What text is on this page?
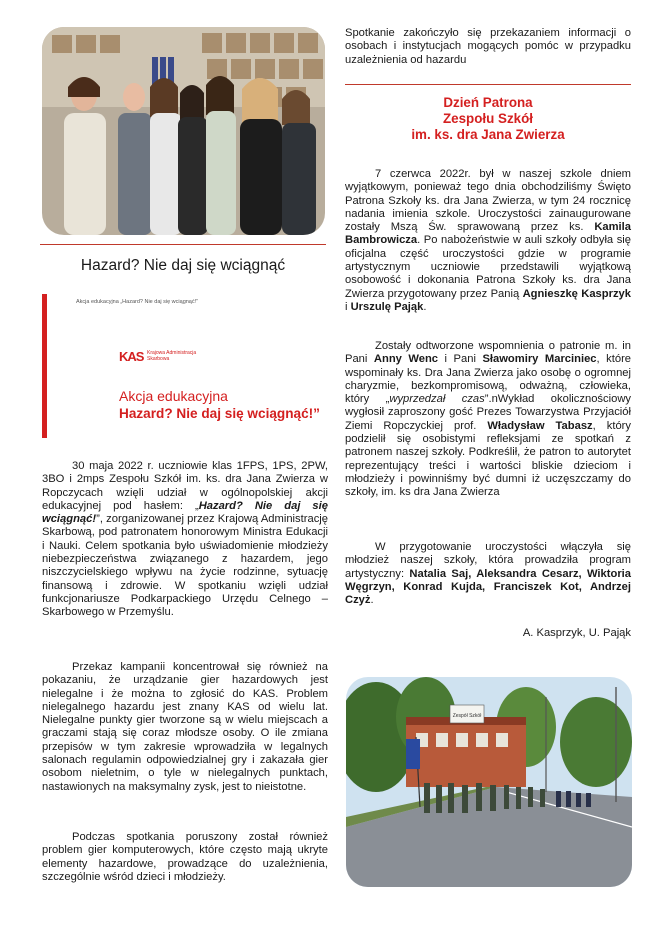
Hazard? Nie daj się wciągnąć
Akcja edukacyjna „Hazard? Nie daj się wciągnąć!”
KAS Krajowa Administracja
Skarbowa
Akcja edukacyjna
Hazard? Nie daj się wciągnąć!”
30 maja 2022 r. uczniowie klas 1FPS, 1PS, 2PW, 3BO i 2mps Zespołu Szkół im. ks. dra Jana Zwierza w Ropczycach wzięli udział w ogólnopolskiej akcji edukacyjnej pod hasłem: „Hazard? Nie daj się wciągnąć!”, zorganizowanej przez Krajową Administrację Skarbową, pod patronatem honorowym Ministra Edukacji i Nauki. Celem spotkania było uświadomienie młodzieży niebezpieczeństwa związanego z hazardem, jego niszczycielskiego wpływu na życie rodzinne, sytuację finansową i zdrowie. W spotkaniu wzięli udział funkcjonariusze Podkarpackiego Urzędu Celnego – Skarbowego w Przemyślu.
Przekaz kampanii koncentrował się również na pokazaniu, że urządzanie gier hazardowych jest nielegalne i że można to zgłosić do KAS. Problem nielegalnego hazardu jest znany KAS od wielu lat. Nielegalne punkty gier tworzone są w wielu miejscach a graczami stają się coraz młodsze osoby. O ile zmiana przepisów w tym zakresie wprowadziła w legalnych salonach regulamin odpowiedzialnej gry i zakazała gier osobom nieletnim, o tyle w nielegalnych punktach, nastawionych na maksymalny zysk, jest to nieistotne.
Podczas spotkania poruszony został również problem gier komputerowych, które często mają ukryte elementy hazardowe, prowadzące do uzależnienia, szczególnie wśród dzieci i młodzieży.
Spotkanie zakończyło się przekazaniem informacji o osobach i instytucjach mogących pomóc w przypadku uzależnienia od hazardu
Dzień Patrona
Zespołu Szkół
im. ks. dra Jana Zwierza
7 czerwca 2022r. był w naszej szkole dniem wyjątkowym, ponieważ tego dnia obchodziliśmy Święto Patrona Szkoły ks. dra Jana Zwierza, w tym 24 rocznicę nadania imienia szkole. Uroczystości zainaugurowane zostały Mszą Św. sprawowaną przez ks. Kamila Bambrowicza. Po nabożeństwie w auli szkoły odbyła się oficjalna część uroczystości gdzie w programie artystycznym uczniowie przedstawili wyjątkową osobowość i dokonania Patrona Szkoły ks. dra Jana Zwierza przygotowany przez Panią Agnieszkę Kasprzyk i Urszulę Pająk.
Zostały odtworzone wspomnienia o patronie m. in Pani Anny Wenc i Pani Sławomiry Marciniec, które wspominały ks. Dra Jana Zwierza jako osobę o ogromnej charyzmie, bezkompromisową, odważną, człowieka, który „wyprzedzał czas”.nWykład okolicznościowy wygłosił zaproszony gość Prezes Towarzystwa Przyjaciół Ziemi Ropczyckiej prof. Władysław Tabasz, który podzielił się osobistymi refleksjami ze spotkań z patronem naszej szkoły. Podkreślił, że patron to autorytet reprezentujący treści i wartości bliskie dzieciom i młodzieży i powinniśmy być dumni iż uczęszczamy do szkoły, im. ks dra Jana Zwierza
W przygotowanie uroczystości włączyła się młodzież naszej szkoły, która prowadziła program artystyczny: Natalia Saj, Aleksandra Cesarz, Wiktoria Węgrzyn, Konrad Kujda, Franciszek Kot, Andrzej Czyż.
A. Kasprzyk, U. Pająk
Zespół Szkół
